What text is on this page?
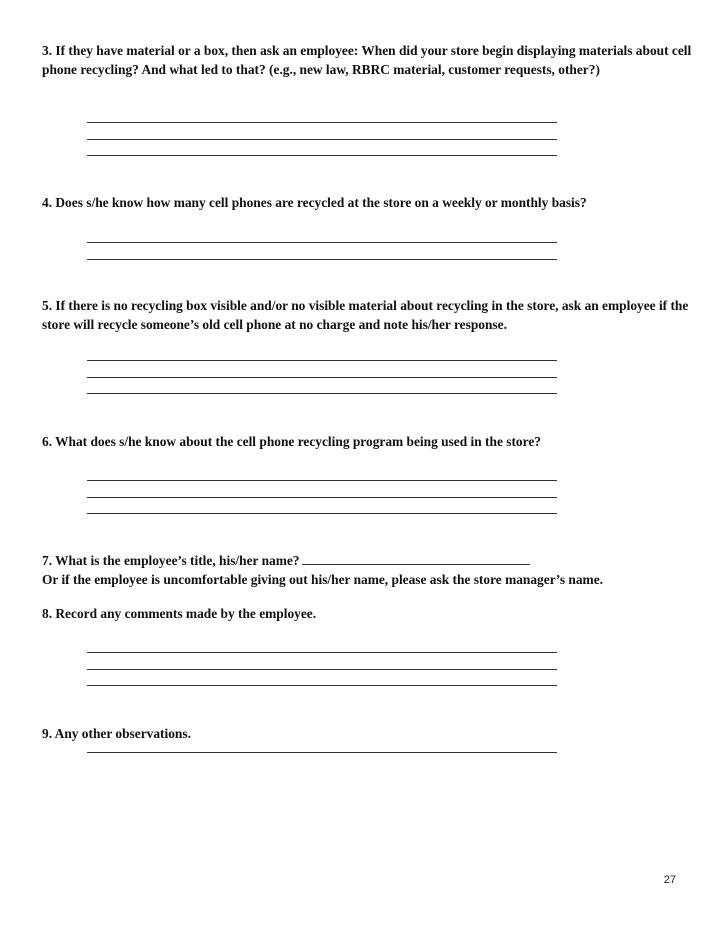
3. If they have material or a box, then ask an employee: When did your store begin displaying materials about cell phone recycling? And what led to that? (e.g., new law, RBRC material, customer requests, other?)

4. Does s/he know how many cell phones are recycled at the store on a weekly or monthly basis?

5. If there is no recycling box visible and/or no visible material about recycling in the store, ask an employee if the store will recycle someone’s old cell phone at no charge and note his/her response.

6. What does s/he know about the cell phone recycling program being used in the store?

7. What is the employee’s title, his/her name?
Or if the employee is uncomfortable giving out his/her name, please ask the store manager’s name.

8. Record any comments made by the employee.

9. Any other observations.

27
